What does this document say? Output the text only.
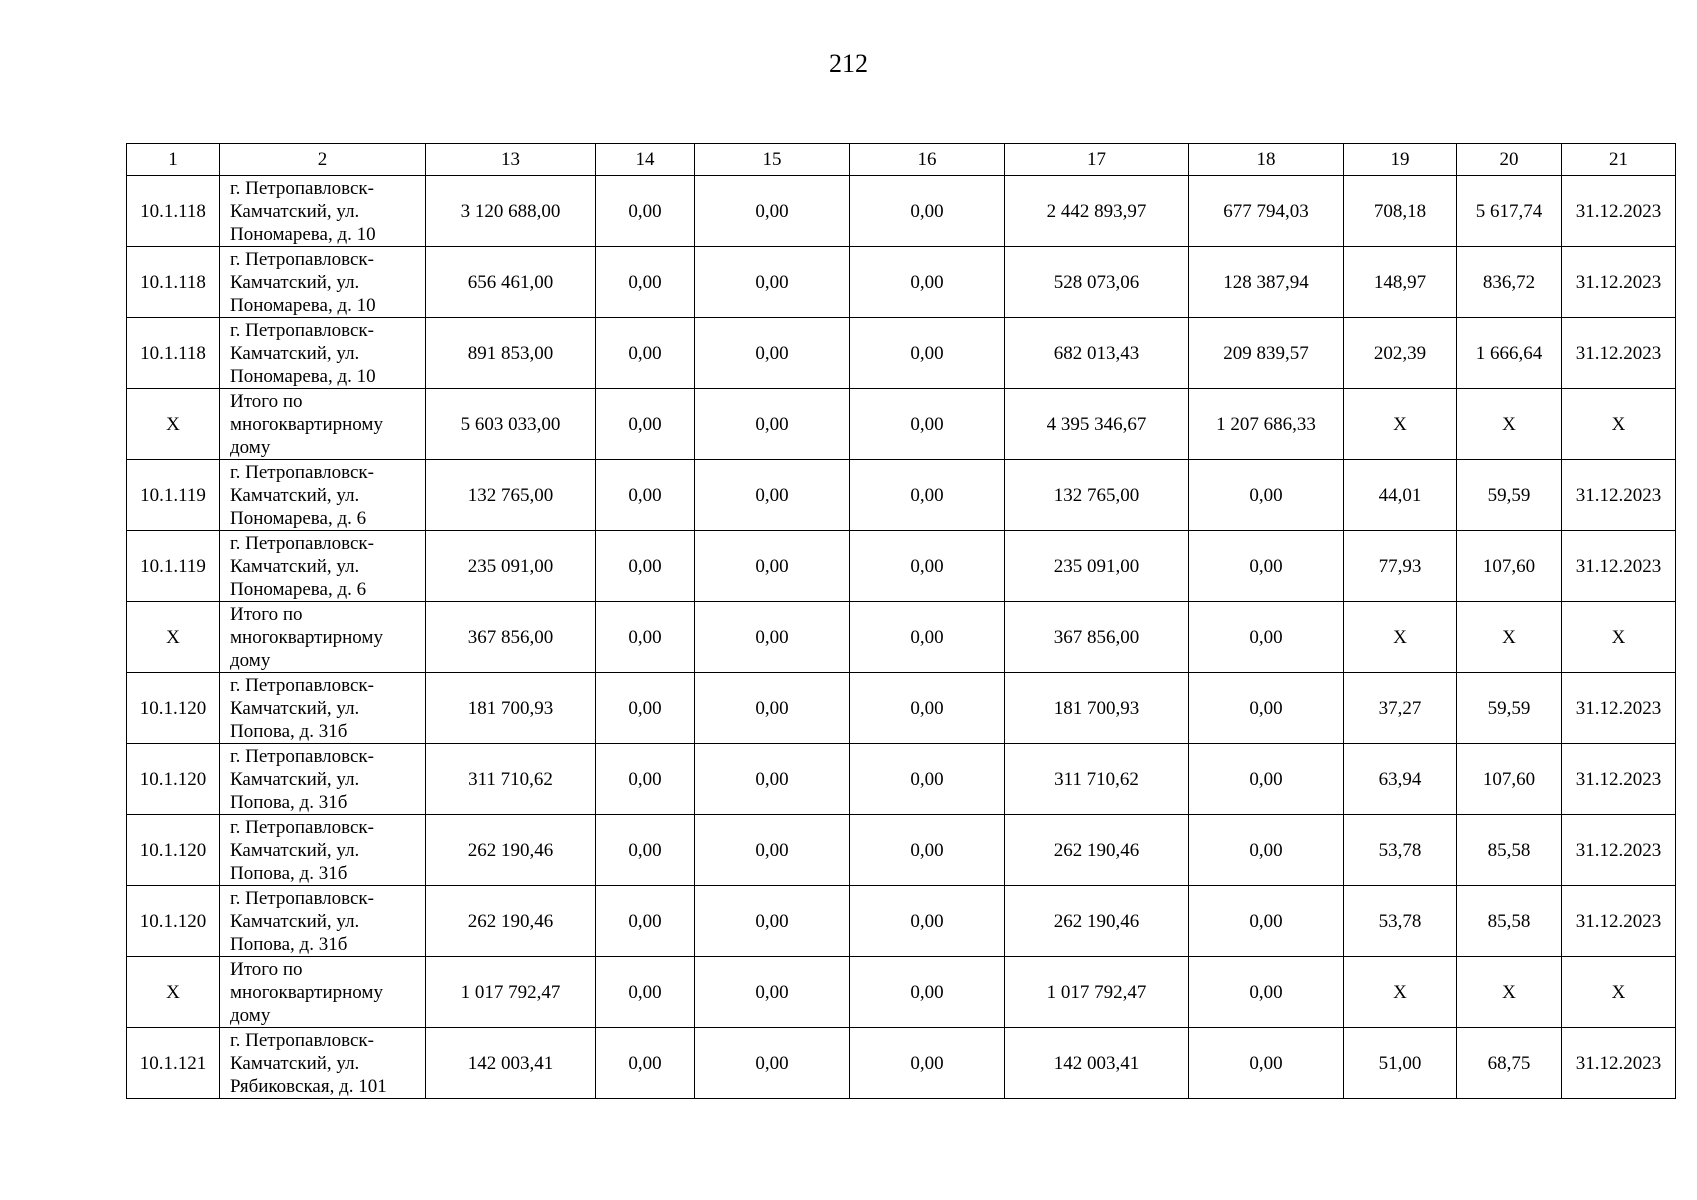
212
1	2	13	14	15	16	17	18	19	20	21
10.1.118	г. Петропавловск-
Камчатский, ул.
Пономарева, д. 10	3 120 688,00	0,00	0,00	0,00	2 442 893,97	677 794,03	708,18	5 617,74	31.12.2023
10.1.118	г. Петропавловск-
Камчатский, ул.
Пономарева, д. 10	656 461,00	0,00	0,00	0,00	528 073,06	128 387,94	148,97	836,72	31.12.2023
10.1.118	г. Петропавловск-
Камчатский, ул.
Пономарева, д. 10	891 853,00	0,00	0,00	0,00	682 013,43	209 839,57	202,39	1 666,64	31.12.2023
X	Итого по
многоквартирному
дому	5 603 033,00	0,00	0,00	0,00	4 395 346,67	1 207 686,33	X	X	X
10.1.119	г. Петропавловск-
Камчатский, ул.
Пономарева, д. 6	132 765,00	0,00	0,00	0,00	132 765,00	0,00	44,01	59,59	31.12.2023
10.1.119	г. Петропавловск-
Камчатский, ул.
Пономарева, д. 6	235 091,00	0,00	0,00	0,00	235 091,00	0,00	77,93	107,60	31.12.2023
X	Итого по
многоквартирному
дому	367 856,00	0,00	0,00	0,00	367 856,00	0,00	X	X	X
10.1.120	г. Петропавловск-
Камчатский, ул.
Попова, д. 31б	181 700,93	0,00	0,00	0,00	181 700,93	0,00	37,27	59,59	31.12.2023
10.1.120	г. Петропавловск-
Камчатский, ул.
Попова, д. 31б	311 710,62	0,00	0,00	0,00	311 710,62	0,00	63,94	107,60	31.12.2023
10.1.120	г. Петропавловск-
Камчатский, ул.
Попова, д. 31б	262 190,46	0,00	0,00	0,00	262 190,46	0,00	53,78	85,58	31.12.2023
10.1.120	г. Петропавловск-
Камчатский, ул.
Попова, д. 31б	262 190,46	0,00	0,00	0,00	262 190,46	0,00	53,78	85,58	31.12.2023
X	Итого по
многоквартирному
дому	1 017 792,47	0,00	0,00	0,00	1 017 792,47	0,00	X	X	X
10.1.121	г. Петропавловск-
Камчатский, ул.
Рябиковская, д. 101	142 003,41	0,00	0,00	0,00	142 003,41	0,00	51,00	68,75	31.12.2023
